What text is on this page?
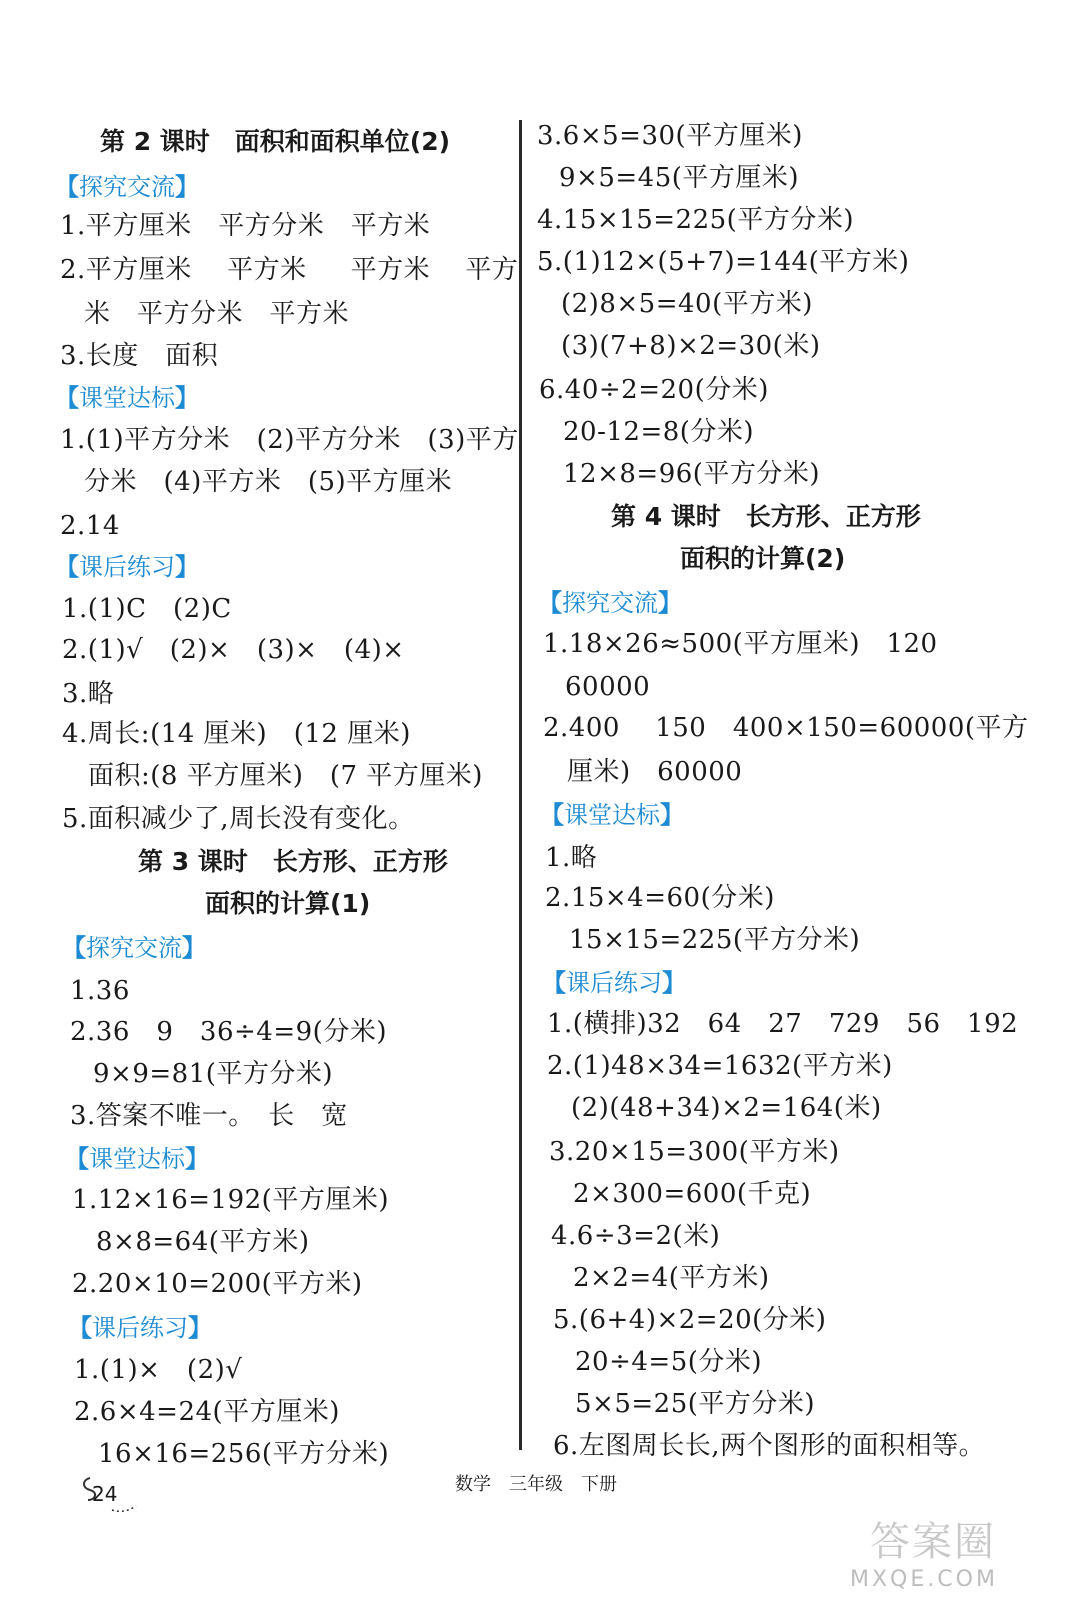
第 2 课时　面积和面积单位(2)
【探究交流】
1.平方厘米　平方分米　平方米
2.平方厘米　 平方米 　 平方米　 平方
米　平方分米　平方米
3.长度　面积
【课堂达标】
1.(1)平方分米　(2)平方分米　(3)平方
分米　(4)平方米　(5)平方厘米
2.14
【课后练习】
1.(1)C　(2)C
2.(1)√　(2)×　(3)×　(4)×
3.略
4.周长:(14 厘米)　(12 厘米)
面积:(8 平方厘米)　(7 平方厘米)
5.面积减少了,周长没有变化。
第 3 课时　长方形、正方形
面积的计算(1)
【探究交流】
1.36
2.36　9　36÷4=9(分米)
9×9=81(平方分米)
3.答案不唯一。　长　宽
【课堂达标】
1.12×16=192(平方厘米)
8×8=64(平方米)
2.20×10=200(平方米)
【课后练习】
1.(1)×　(2)√
2.6×4=24(平方厘米)
16×16=256(平方分米)
3.6×5=30(平方厘米)
9×5=45(平方厘米)
4.15×15=225(平方分米)
5.(1)12×(5+7)=144(平方米)
(2)8×5=40(平方米)
(3)(7+8)×2=30(米)
6.40÷2=20(分米)
20-12=8(分米)
12×8=96(平方分米)
第 4 课时　长方形、正方形
面积的计算(2)
【探究交流】
1.18×26≈500(平方厘米)　120
60000
2.400　 150　400×150=60000(平方
厘米)　60000
【课堂达标】
1.略
2.15×4=60(分米)
15×15=225(平方分米)
【课后练习】
1.(横排)32　64　27　729　56　192
2.(1)48×34=1632(平方米)
(2)(48+34)×2=164(米)
3.20×15=300(平方米)
2×300=600(千克)
4.6÷3=2(米)
2×2=4(平方米)
5.(6+4)×2=20(分米)
20÷4=5(分米)
5×5=25(平方分米)
6.左图周长长,两个图形的面积相等。
24	数学　三年级　下册
答案圈
MXQE.COM
